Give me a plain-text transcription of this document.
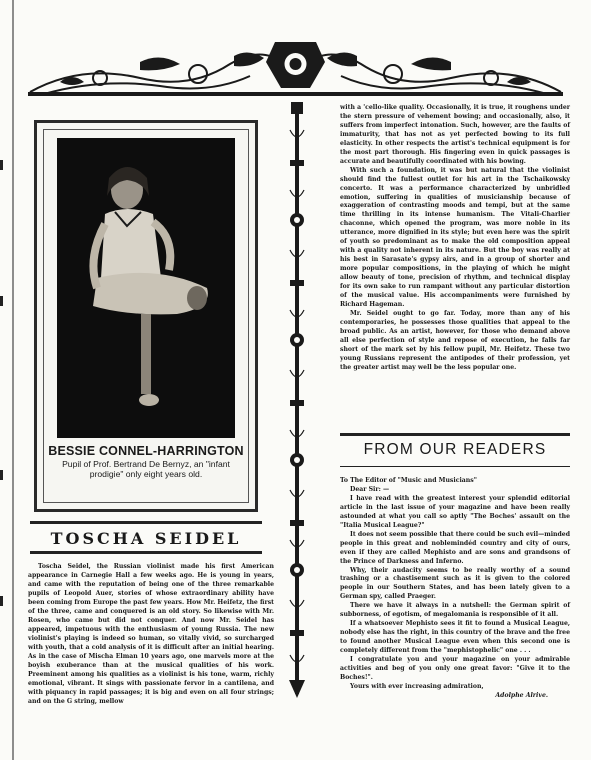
BESSIE CONNEL-HARRINGTON
Pupil of Prof. Bertrand De Bernyz, an "infant prodigie" only eight years old.
TOSCHA SEIDEL
Toscha Seidel, the Russian violinist made his first American appearance in Carnegie Hall a few weeks ago. He is young in years, and came with the reputation of being one of the three remarkable pupils of Leopold Auer, stories of whose extraordinary ability have been coming from Europe the past few years. How Mr. Heifetz, the first of the three, came and conquered is an old story. So likewise with Mr. Rosen, who came but did not conquer. And now Mr. Seidel has appeared, impetuous with the enthusiasm of young Russia. The new violinist's playing is indeed so human, so vitally vivid, so surcharged with youth, that a cold analysis of it is difficult after an initial hearing. As in the case of Mischa Elman 10 years ago, one marvels more at the boyish exuberance than at the musical qualities of his work. Preeminent among his qualities as a violinist is his tone, warm, richly emotional, vibrant. It sings with passionate fervor in a cantilena, and with piquancy in rapid passages; it is big and even on all four strings; and on the G string, mellow

with a 'cello-like quality. Occasionally, it is true, it roughens under the stern pressure of vehement bowing; and occasionally, also, it suffers from imperfect intonation. Such, however, are the faults of immaturity, that has not as yet perfected bowing to its full elasticity. In other respects the artist's technical equipment is for the most part thorough. His fingering even in quick passages is accurate and beautifully coordinated with his bowing.

With such a foundation, it was but natural that the violinist should find the fullest outlet for his art in the Tschaikowsky concerto. It was a performance characterized by unbridled emotion, suffering in qualities of musicianship because of exaggeration of contrasting moods and tempi, but at the same time thrilling in its intense humanism. The Vitali-Charlier chaconne, which opened the program, was more noble in its utterance, more dignified in its style; but even here was the spirit of youth so predominant as to make the old composition appeal with a quality not inherent in its nature. But the boy was really at his best in Sarasate's gypsy airs, and in a group of shorter and more popular compositions, in the playing of which he might allow beauty of tone, precision of rhythm, and technical display for its own sake to run rampant without any particular distortion of the musical value. His accompaniments were furnished by Richard Hageman.

Mr. Seidel ought to go far. Today, more than any of his contemporaries, he possesses those qualities that appeal to the broad public. As an artist, however, for those who demand above all else perfection of style and repose of execution, he falls far short of the mark set by his fellow pupil, Mr. Heifetz. These two young Russians represent the antipodes of their profession, yet the greater artist may well be the less popular one.

FROM OUR READERS

To The Editor of "Music and Musicians"

Dear Sir: —

I have read with the greatest interest your splendid editorial article in the last issue of your magazine and have been really astounded at what you call so aptly "The Boches' assault on the "Italia Musical League?"

It does not seem possible that there could be such evil—minded people in this great and noblemindéd country and city of ours, even if they are called Mephisto and are sons and grandsons of the Prince of Darkness and Inferno.

Why, their audacity seems to be really worthy of a sound trashing or a chastisement such as it is given to the colored people in our Southern States, and has been lately given to a German spy, called Praeger.

There we have it always in a nutshell: the German spirit of subborness, of egotism, of megalomania is responsible of it all.

If a whatsoever Mephisto sees it fit to found a Musical League, nobody else has the right, in this country of the brave and the free to found another Musical League even when this second one is completely different from the "mephistophelic" one . . .

I congratulate you and your magazine on your admirable activities and beg of you only one great favor: "Give it to the Boches!".

Yours with ever increasing admiration,

Adolphe Alrive.
